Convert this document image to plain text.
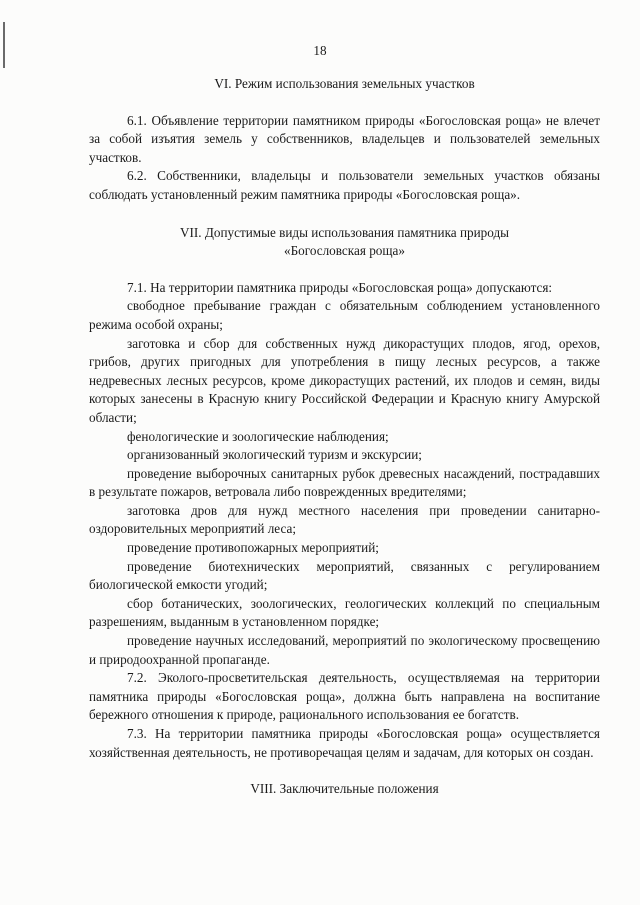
18
VI. Режим использования земельных участков
6.1. Объявление территории памятником природы «Богословская роща» не влечет за собой изъятия земель у собственников, владельцев и пользователей земельных участков.
6.2. Собственники, владельцы и пользователи земельных участков обязаны соблюдать установленный режим памятника природы «Богословская роща».
VII. Допустимые виды использования памятника природы
«Богословская роща»
7.1. На территории памятника природы «Богословская роща» допускаются:
свободное пребывание граждан с обязательным соблюдением установленного режима особой охраны;
заготовка и сбор для собственных нужд дикорастущих плодов, ягод, орехов, грибов, других пригодных для употребления в пищу лесных ресурсов, а также недревесных лесных ресурсов, кроме дикорастущих растений, их плодов и семян, виды которых занесены в Красную книгу Российской Федерации и Красную книгу Амурской области;
фенологические и зоологические наблюдения;
организованный экологический туризм и экскурсии;
проведение выборочных санитарных рубок древесных насаждений, пострадавших в результате пожаров, ветровала либо поврежденных вредителями;
заготовка дров для нужд местного населения при проведении санитарно-оздоровительных мероприятий леса;
проведение противопожарных мероприятий;
проведение биотехнических мероприятий, связанных с регулированием биологической емкости угодий;
сбор ботанических, зоологических, геологических коллекций по специальным разрешениям, выданным в установленном порядке;
проведение научных исследований, мероприятий по экологическому просвещению и природоохранной пропаганде.
7.2. Эколого-просветительская деятельность, осуществляемая на территории памятника природы «Богословская роща», должна быть направлена на воспитание бережного отношения к природе, рационального использования ее богатств.
7.3. На территории памятника природы «Богословская роща» осуществляется хозяйственная деятельность, не противоречащая целям и задачам, для которых он создан.
VIII. Заключительные положения
